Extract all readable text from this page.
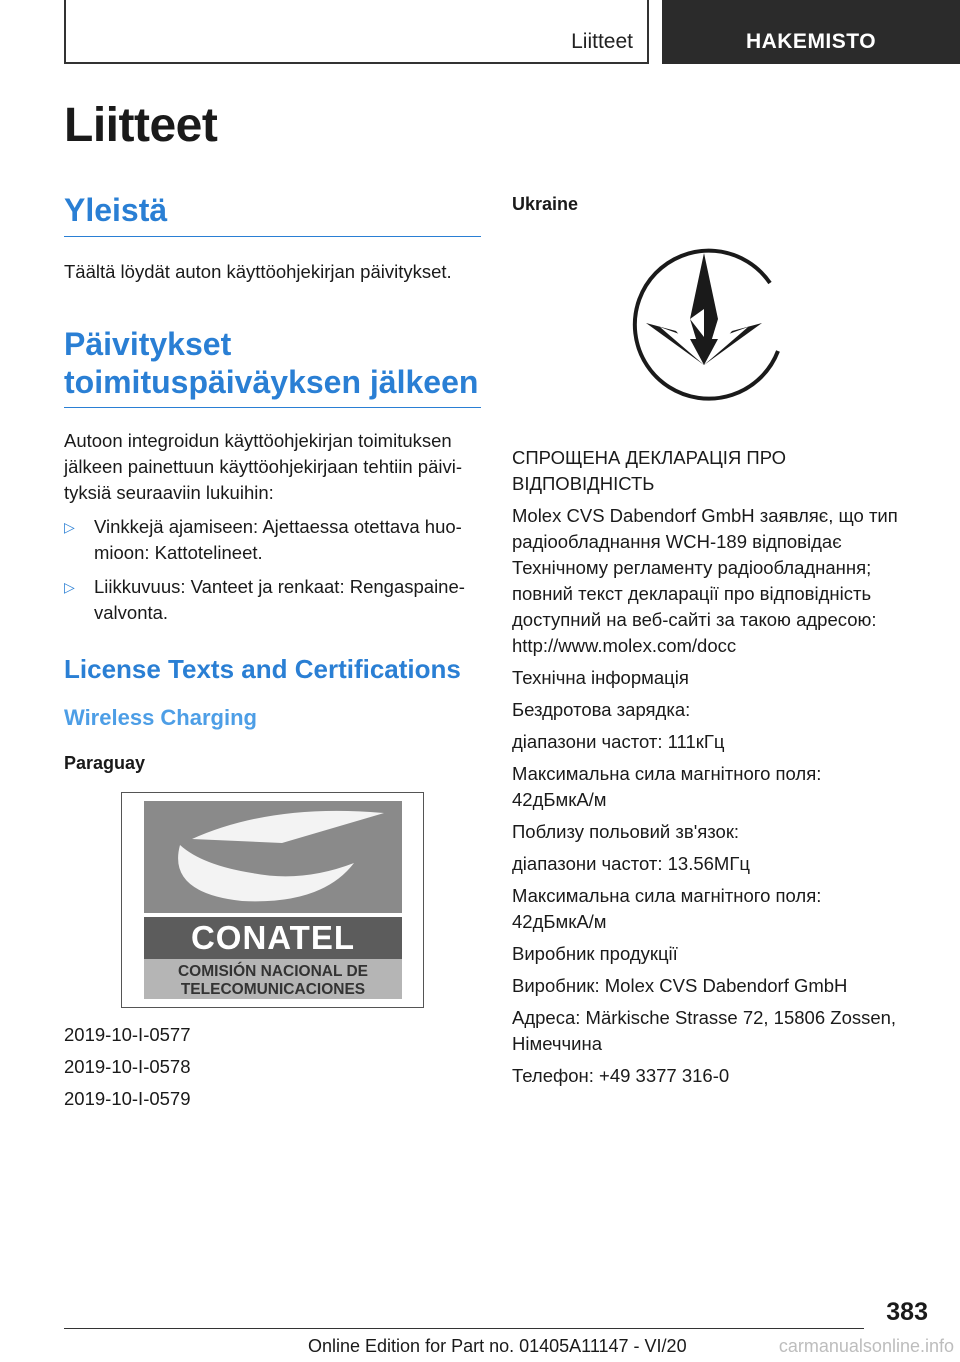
Liitteet	HAKEMISTO
Liitteet
Yleistä

Täältä löydät auton käyttöohjekirjan päivitykset.

Päivitykset
toimituspäiväyksen jälkeen

Autoon integroidun käyttöohjekirjan toimituksen

jälkeen painettuun käyttöohjekirjaan tehtiin päivi-

tyksiä seuraaviin lukuihin:

▷ Vinkkejä ajamiseen: Ajettaessa otettava huo-
mioon: Kattotelineet.
▷ Liikkuvuus: Vanteet ja renkaat: Rengaspaine-
valvonta.
License Texts and Certifications
Wireless Charging
Paraguay
CONATEL
COMISIÓN NACIONAL DE
TELECOMUNICACIONES

2019-10-I-0577

2019-10-I-0578

2019-10-I-0579

Ukraine
СПРОЩЕНА ДЕКЛАРАЦІЯ ПРО
ВІДПОВІДНІСТЬ
Molex CVS Dabendorf GmbH заявляє, що тип
радіообладнання WCH-189 відповідає
Технічному регламенту радіообладнання;
повний текст декларації про відповідність
доступний на веб-сайті за такою адресою:
http://www.molex.com/docc
Технічна інформація
Бездротова зарядка:
діапазони частот: 111кГц
Максимальна сила магнітного поля:
42дБмкА/м
Поблизу польовий зв'язок:
діапазони частот: 13.56МГц
Максимальна сила магнітного поля:
42дБмкА/м
Виробник продукції
Виробник: Molex CVS Dabendorf GmbH
Адреса: Märkische Strasse 72, 15806 Zossen,
Німеччина
Телефон: +49 3377 316-0
383
Online Edition for Part no. 01405A11147 - VI/20	carmanualsonline.info
